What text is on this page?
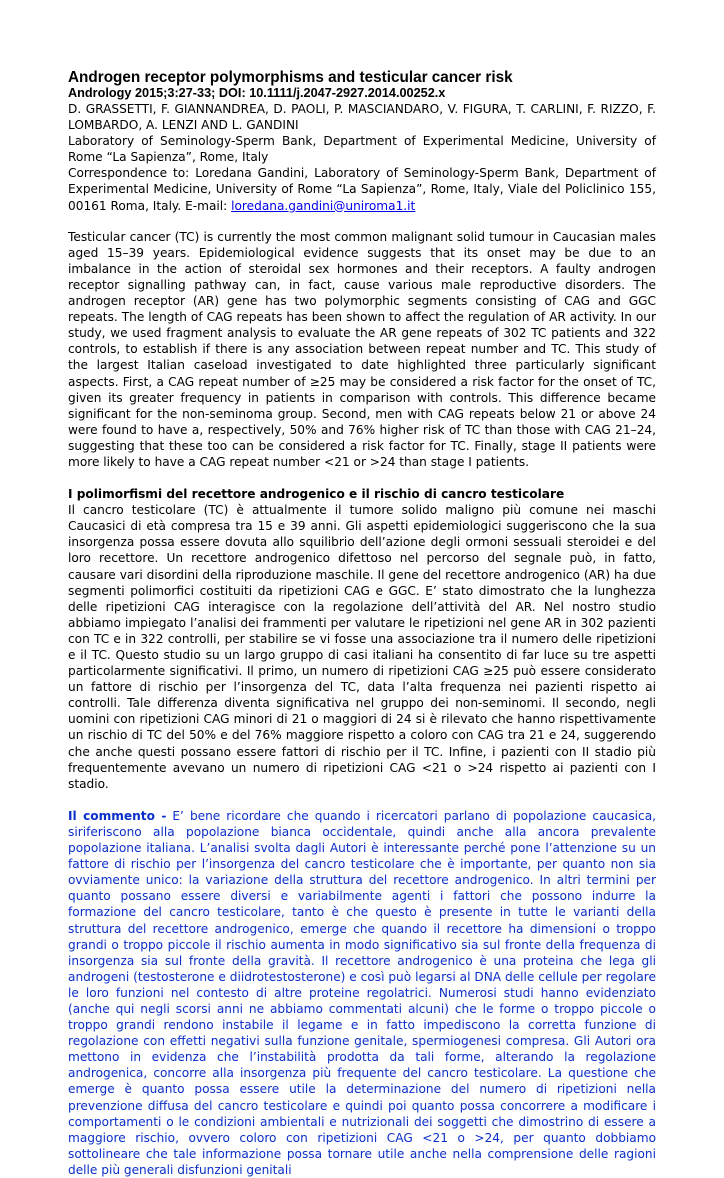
Androgen receptor polymorphisms and testicular cancer risk
Andrology 2015;3:27-33; DOI: 10.1111/j.2047-2927.2014.00252.x

D. GRASSETTI, F. GIANNANDREA, D. PAOLI, P. MASCIANDARO, V. FIGURA, T. CARLINI, F. RIZZO, F. LOMBARDO, A. LENZI AND L. GANDINI

Laboratory of Seminology-Sperm Bank, Department of Experimental Medicine, University of Rome “La Sapienza”, Rome, Italy

Correspondence to: Loredana Gandini, Laboratory of Seminology-Sperm Bank, Department of Experimental Medicine, University of Rome “La Sapienza”, Rome, Italy, Viale del Policlinico 155, 00161 Roma, Italy. E-mail: loredana.gandini@uniroma1.it

Testicular cancer (TC) is currently the most common malignant solid tumour in Caucasian males aged 15–39 years. Epidemiological evidence suggests that its onset may be due to an imbalance in the action of steroidal sex hormones and their receptors. A faulty androgen receptor signalling pathway can, in fact, cause various male reproductive disorders. The androgen receptor (AR) gene has two polymorphic segments consisting of CAG and GGC repeats. The length of CAG repeats has been shown to affect the regulation of AR activity. In our study, we used fragment analysis to evaluate the AR gene repeats of 302 TC patients and 322 controls, to establish if there is any association between repeat number and TC. This study of the largest Italian caseload investigated to date highlighted three particularly significant aspects. First, a CAG repeat number of ≥25 may be considered a risk factor for the onset of TC, given its greater frequency in patients in comparison with controls. This difference became significant for the non-seminoma group. Second, men with CAG repeats below 21 or above 24 were found to have a, respectively, 50% and 76% higher risk of TC than those with CAG 21–24, suggesting that these too can be considered a risk factor for TC. Finally, stage II patients were more likely to have a CAG repeat number <21 or >24 than stage I patients.

I polimorfismi del recettore androgenico e il rischio di cancro testicolare

Il cancro testicolare (TC) è attualmente il tumore solido maligno più comune nei maschi Caucasici di età compresa tra 15 e 39 anni. Gli aspetti epidemiologici suggeriscono che la sua insorgenza possa essere dovuta allo squilibrio dell’azione degli ormoni sessuali steroidei e del loro recettore. Un recettore androgenico difettoso nel percorso del segnale può, in fatto, causare vari disordini della riproduzione maschile. Il gene del recettore androgenico (AR) ha due segmenti polimorfici costituiti da ripetizioni CAG e GGC. E’ stato dimostrato che la lunghezza delle ripetizioni CAG interagisce con la regolazione dell’attività del AR. Nel nostro studio abbiamo impiegato l’analisi dei frammenti per valutare le ripetizioni nel gene AR in 302 pazienti con TC e in 322 controlli, per stabilire se vi fosse una associazione tra il numero delle ripetizioni e il TC. Questo studio su un largo gruppo di casi italiani ha consentito di far luce su tre aspetti particolarmente significativi. Il primo, un numero di ripetizioni CAG ≥25 può essere considerato un fattore di rischio per l’insorgenza del TC, data l’alta frequenza nei pazienti rispetto ai controlli. Tale differenza diventa significativa nel gruppo dei non-seminomi. Il secondo, negli uomini con ripetizioni CAG minori di 21 o maggiori di 24 si è rilevato che hanno rispettivamente un rischio di TC del 50% e del 76% maggiore rispetto a coloro con CAG tra 21 e 24, suggerendo che anche questi possano essere fattori di rischio per il TC. Infine, i pazienti con II stadio più frequentemente avevano un numero di ripetizioni CAG <21 o >24 rispetto ai pazienti con I stadio.

Il commento - E’ bene ricordare che quando i ricercatori parlano di popolazione caucasica, siriferiscono alla popolazione bianca occidentale, quindi anche alla ancora prevalente popolazione italiana. L’analisi svolta dagli Autori è interessante perché pone l’attenzione su un fattore di rischio per l’insorgenza del cancro testicolare che è importante, per quanto non sia ovviamente unico: la variazione della struttura del recettore androgenico. In altri termini per quanto possano essere diversi e variabilmente agenti i fattori che possono indurre la formazione del cancro testicolare, tanto è che questo è presente in tutte le varianti della struttura del recettore androgenico, emerge che quando il recettore ha dimensioni o troppo grandi o troppo piccole il rischio aumenta in modo significativo sia sul fronte della frequenza di insorgenza sia sul fronte della gravità. Il recettore androgenico è una proteina che lega gli androgeni (testosterone e diidrotestosterone) e così può legarsi al DNA delle cellule per regolare le loro funzioni nel contesto di altre proteine regolatrici. Numerosi studi hanno evidenziato (anche qui negli scorsi anni ne abbiamo commentati alcuni) che le forme o troppo piccole o troppo grandi rendono instabile il legame e in fatto impediscono la corretta funzione di regolazione con effetti negativi sulla funzione genitale, spermiogenesi compresa. Gli Autori ora mettono in evidenza che l’instabilità prodotta da tali forme, alterando la regolazione androgenica, concorre alla insorgenza più frequente del cancro testicolare. La questione che emerge è quanto possa essere utile la determinazione del numero di ripetizioni nella prevenzione diffusa del cancro testicolare e quindi poi quanto possa concorrere a modificare i comportamenti o le condizioni ambientali e nutrizionali dei soggetti che dimostrino di essere a maggiore rischio, ovvero coloro con ripetizioni CAG <21 o >24, per quanto dobbiamo sottolineare che tale informazione possa tornare utile anche nella comprensione delle ragioni delle più generali disfunzioni genitali
